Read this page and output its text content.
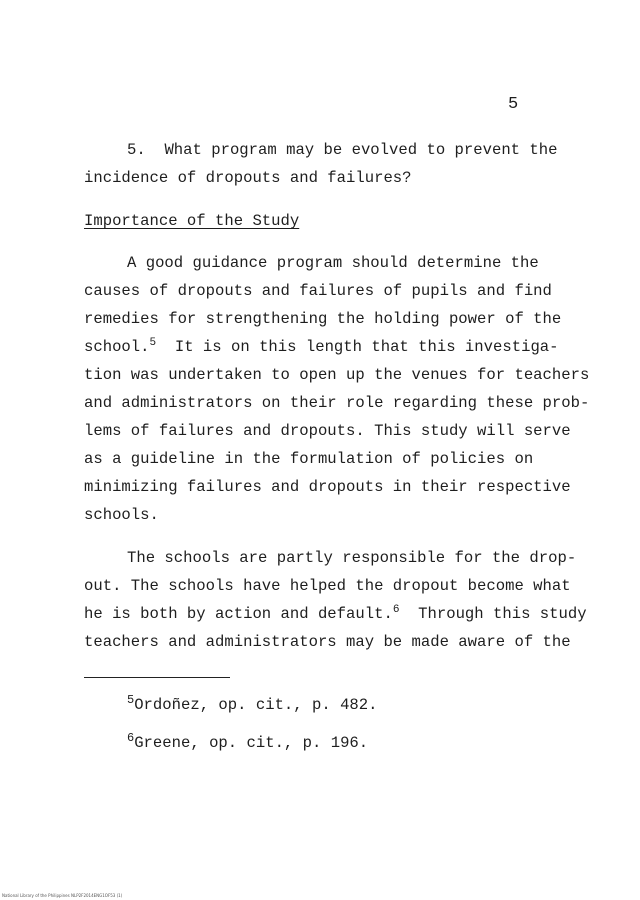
5
5. What program may be evolved to prevent the
incidence of dropouts and failures?
Importance of the Study
A good guidance program should determine the
causes of dropouts and failures of pupils and find
remedies for strengthening the holding power of the
school.$^5$ It is on this length that this investiga-
tion was undertaken to open up the venues for teachers
and administrators on their role regarding these prob-
lems of failures and dropouts. This study will serve
as a guideline in the formulation of policies on
minimizing failures and dropouts in their respective
schools.
The schools are partly responsible for the drop-
out. The schools have helped the dropout become what
he is both by action and default.$^6$ Through this study
teachers and administrators may be made aware of the
$^5$Ordoñez, op. cit., p. 482.
$^6$Greene, op. cit., p. 196.
National Library of the Philippines NLP2F2014ENG1OF53 (1)
